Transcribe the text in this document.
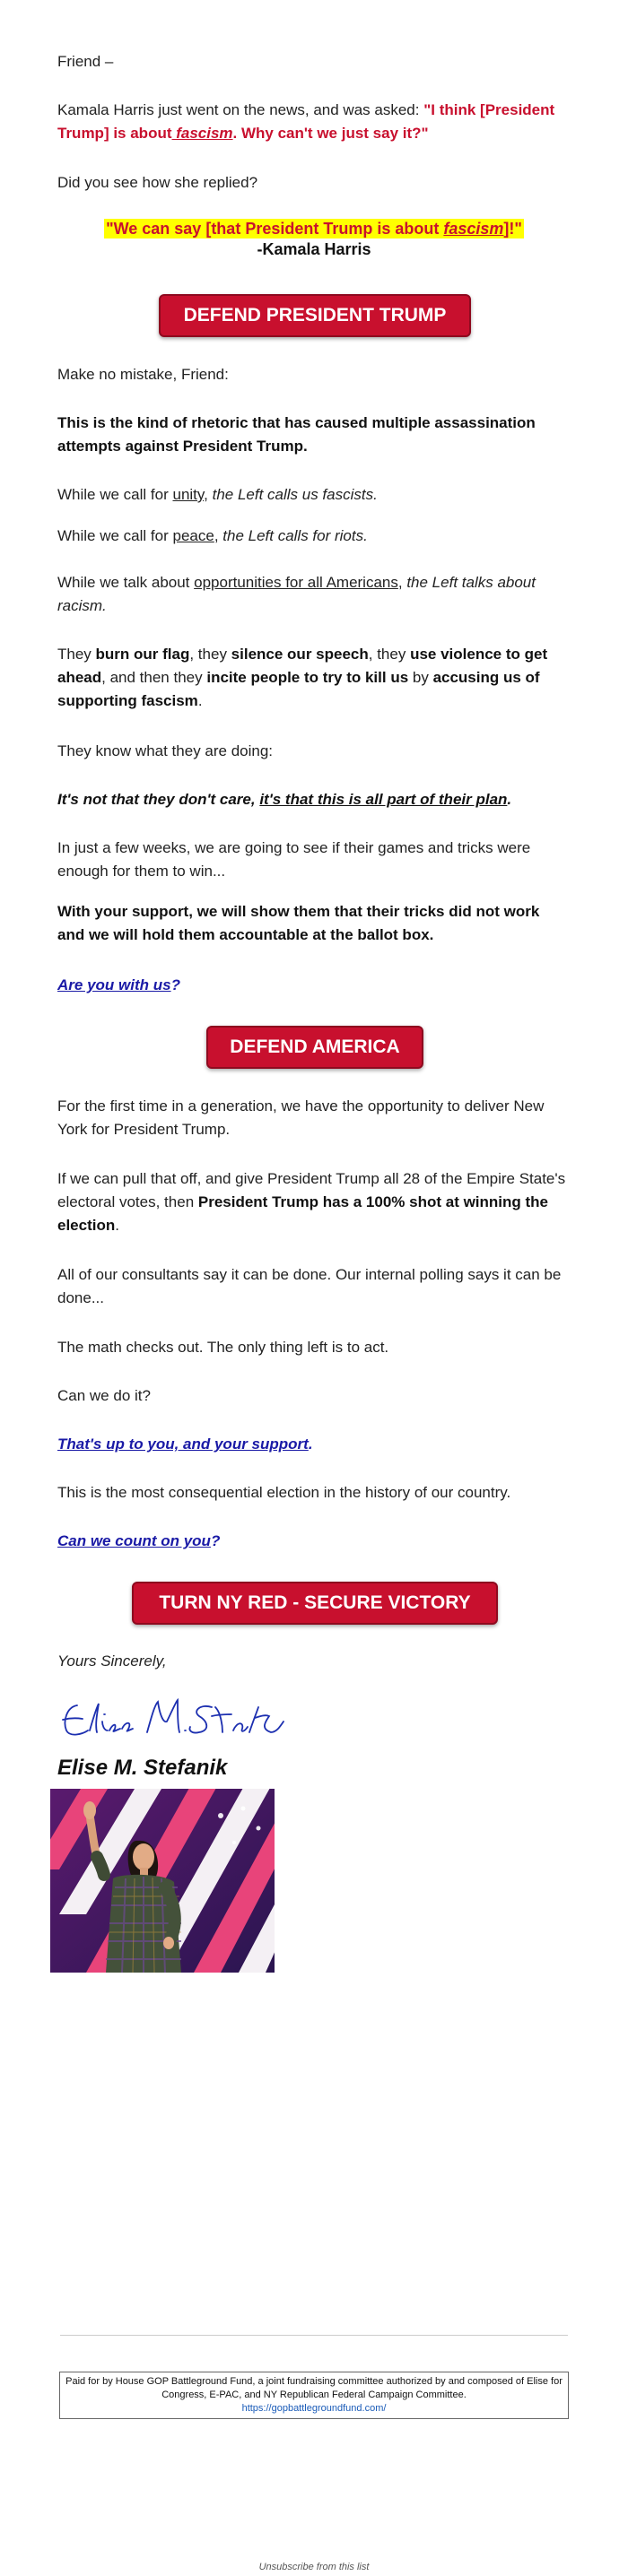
Friend –
Kamala Harris just went on the news, and was asked: "I think [President Trump] is about fascism. Why can't we just say it?"
Did you see how she replied?
"We can say [that President Trump is about fascism]!"
-Kamala Harris
DEFEND PRESIDENT TRUMP
Make no mistake, Friend:
This is the kind of rhetoric that has caused multiple assassination attempts against President Trump.
While we call for unity, the Left calls us fascists.
While we call for peace, the Left calls for riots.
While we talk about opportunities for all Americans, the Left talks about racism.
They burn our flag, they silence our speech, they use violence to get ahead, and then they incite people to try to kill us by accusing us of supporting fascism.
They know what they are doing:
It's not that they don't care, it's that this is all part of their plan.
In just a few weeks, we are going to see if their games and tricks were enough for them to win...
With your support, we will show them that their tricks did not work and we will hold them accountable at the ballot box.
Are you with us?
DEFEND AMERICA
For the first time in a generation, we have the opportunity to deliver New York for President Trump.
If we can pull that off, and give President Trump all 28 of the Empire State's electoral votes, then President Trump has a 100% shot at winning the election.
All of our consultants say it can be done. Our internal polling says it can be done...
The math checks out. The only thing left is to act.
Can we do it?
That's up to you, and your support.
This is the most consequential election in the history of our country.
Can we count on you?
TURN NY RED - SECURE VICTORY
Yours Sincerely,
Elise M. Stefanik
Paid for by House GOP Battleground Fund, a joint fundraising committee authorized by and composed of Elise for Congress, E-PAC, and NY Republican Federal Campaign Committee.
https://gopbattlegroundfund.com/
Unsubscribe from this list
